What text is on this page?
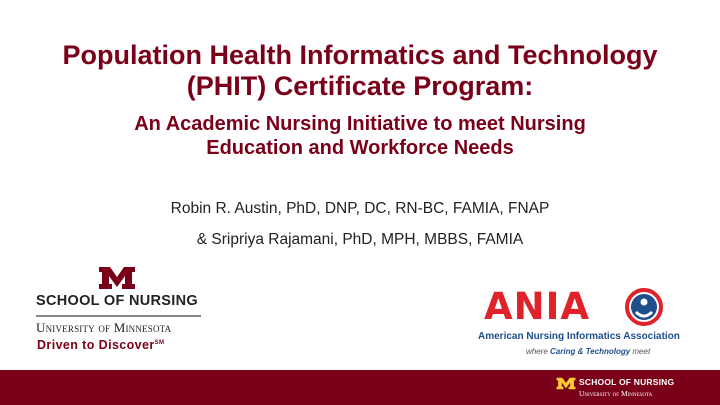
Population Health Informatics and Technology
(PHIT) Certificate Program:
An Academic Nursing Initiative to meet Nursing
Education and Workforce Needs
Robin R. Austin, PhD, DNP, DC, RN-BC, FAMIA, FNAP
& Sripriya Rajamani, PhD, MPH, MBBS, FAMIA
SCHOOL OF NURSING
University of Minnesota
Driven to Discover℠
ANIA
American Nursing Informatics Association
where Caring & Technology meet
SCHOOL OF NURSING
University of Minnesota
